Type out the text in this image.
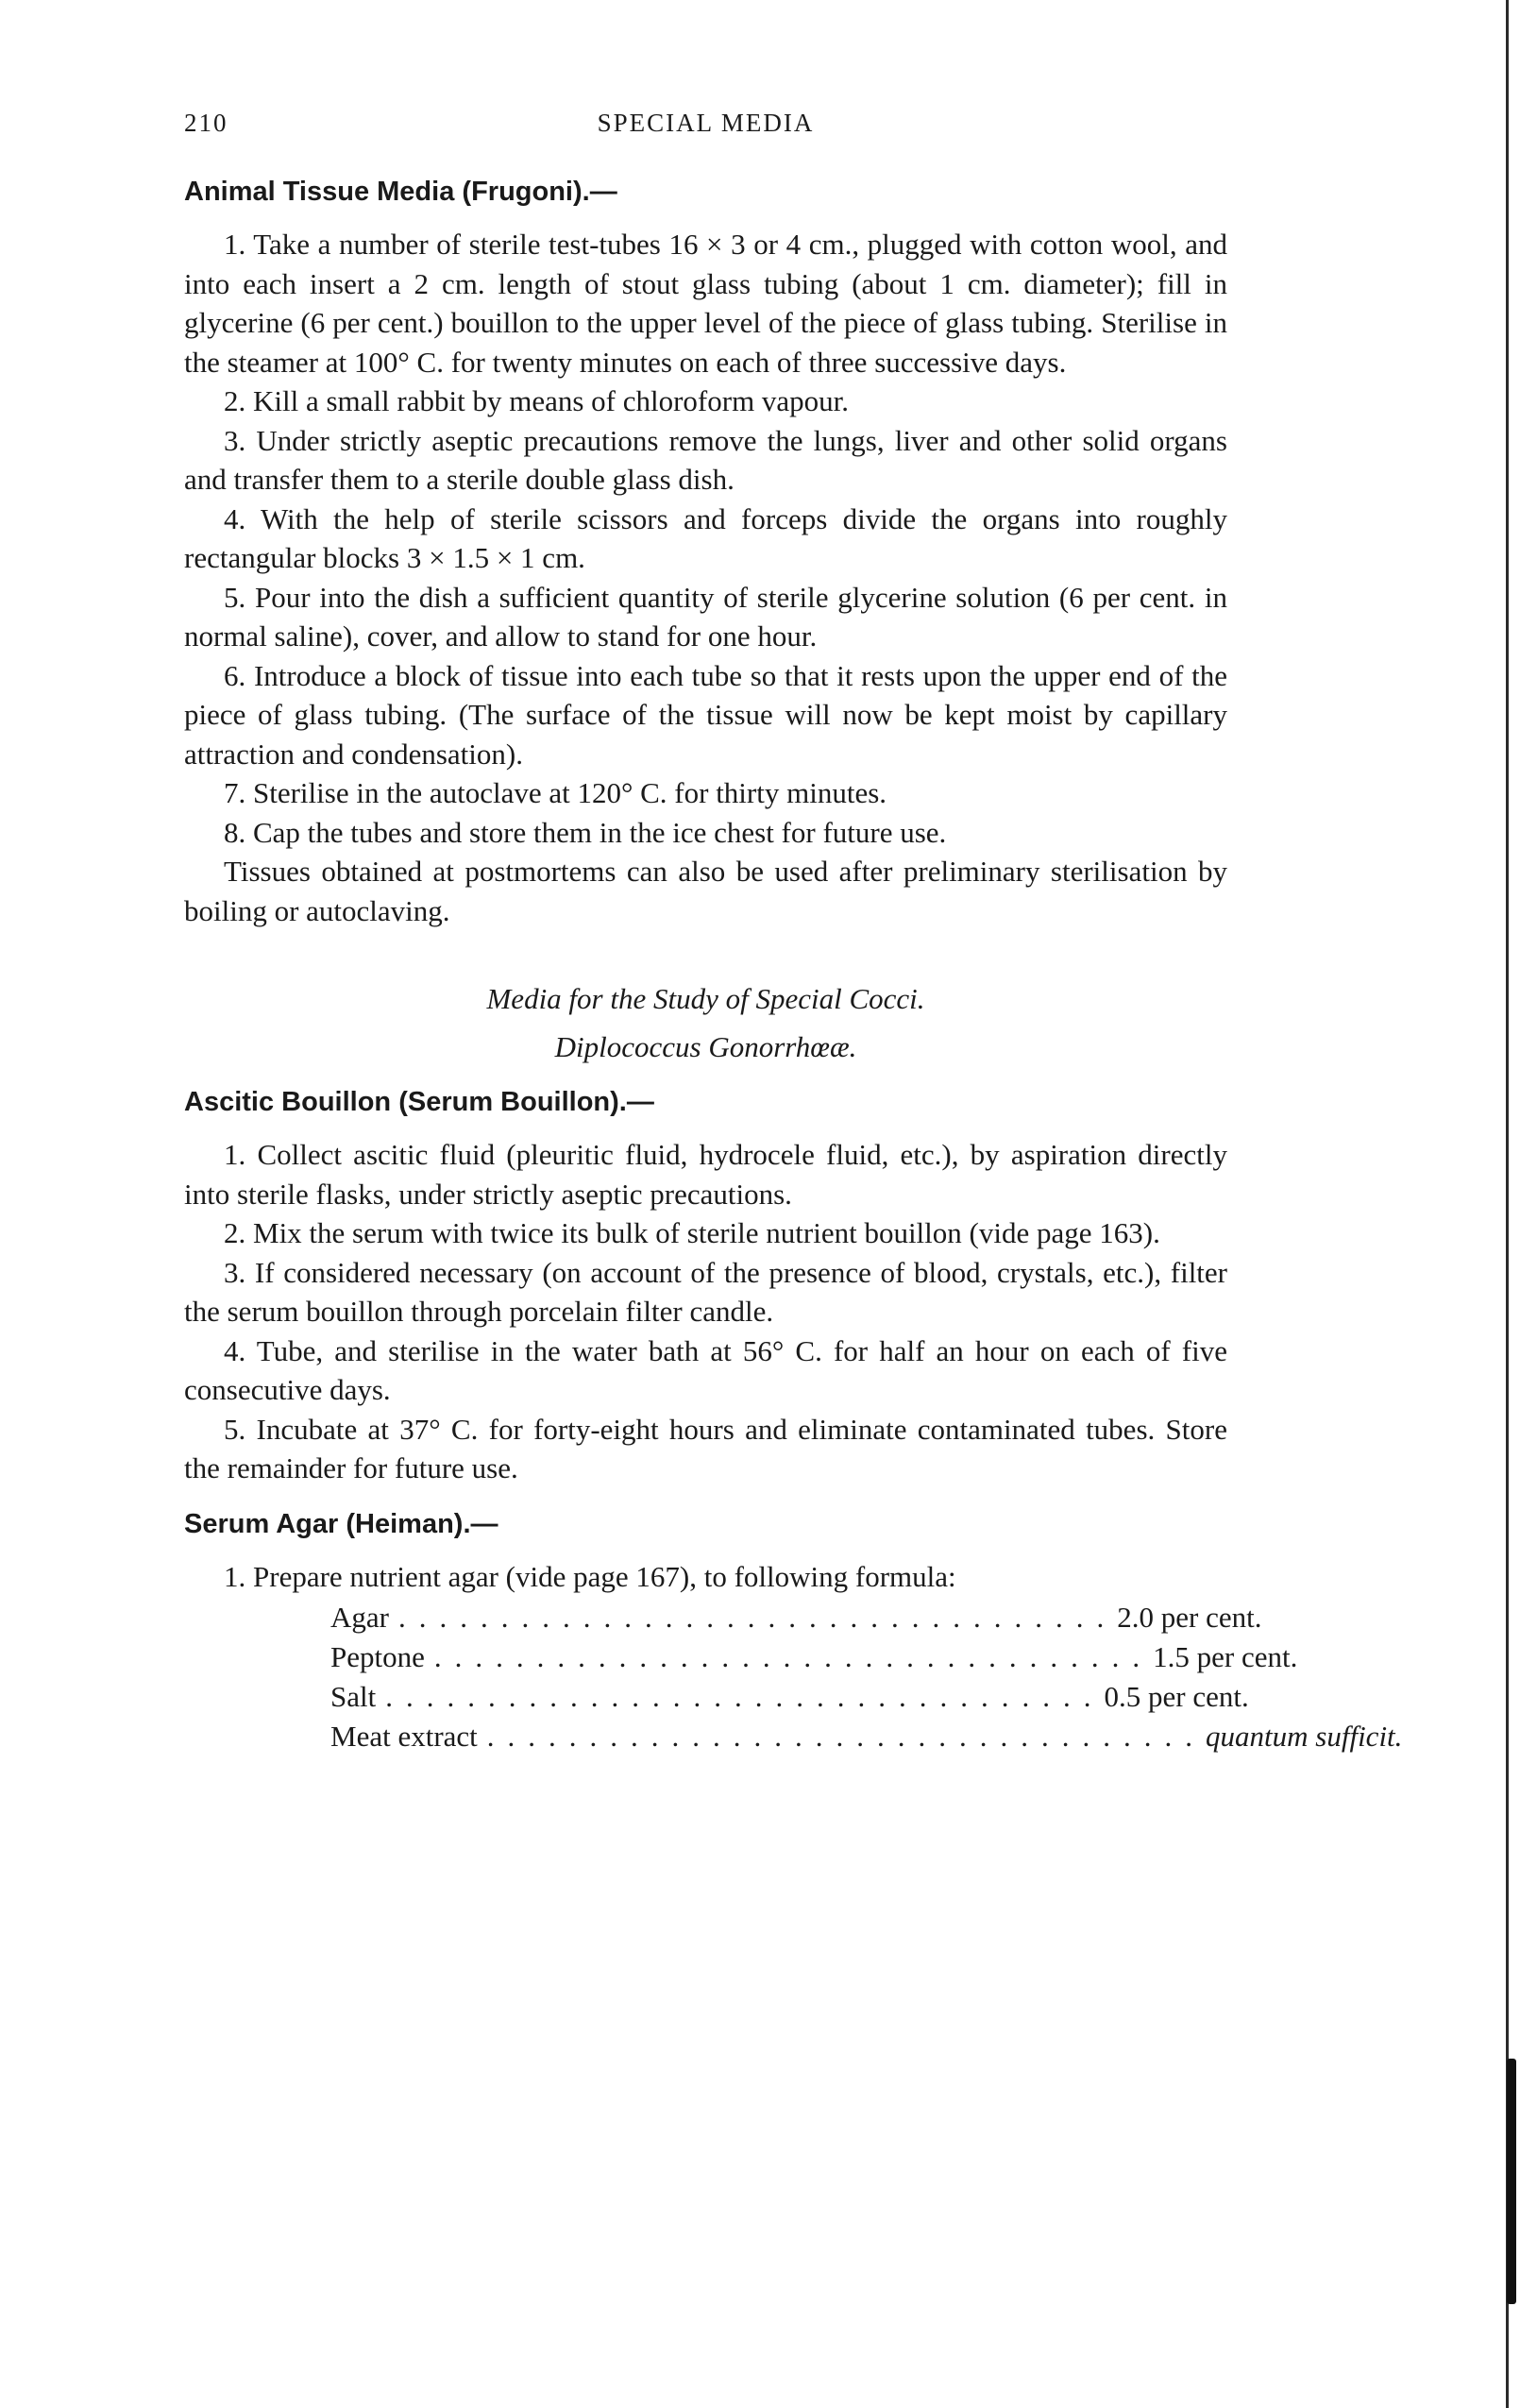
210	SPECIAL MEDIA
Animal Tissue Media (Frugoni).—

1. Take a number of sterile test-tubes 16 × 3 or 4 cm., plugged with cotton wool, and into each insert a 2 cm. length of stout glass tubing (about 1 cm. diameter); fill in glycerine (6 per cent.) bouillon to the upper level of the piece of glass tubing. Sterilise in the steamer at 100° C. for twenty minutes on each of three successive days.

2. Kill a small rabbit by means of chloroform vapour.

3. Under strictly aseptic precautions remove the lungs, liver and other solid organs and transfer them to a sterile double glass dish.

4. With the help of sterile scissors and forceps divide the organs into roughly rectangular blocks 3 × 1.5 × 1 cm.

5. Pour into the dish a sufficient quantity of sterile glycerine solution (6 per cent. in normal saline), cover, and allow to stand for one hour.

6. Introduce a block of tissue into each tube so that it rests upon the upper end of the piece of glass tubing. (The surface of the tissue will now be kept moist by capillary attraction and condensation).

7. Sterilise in the autoclave at 120° C. for thirty minutes.

8. Cap the tubes and store them in the ice chest for future use.

Tissues obtained at postmortems can also be used after preliminary sterilisation by boiling or autoclaving.

Media for the Study of Special Cocci.
Diplococcus Gonorrhœæ.
Ascitic Bouillon (Serum Bouillon).—

1. Collect ascitic fluid (pleuritic fluid, hydrocele fluid, etc.), by aspiration directly into sterile flasks, under strictly aseptic precautions.

2. Mix the serum with twice its bulk of sterile nutrient bouillon (vide page 163).

3. If considered necessary (on account of the presence of blood, crystals, etc.), filter the serum bouillon through porcelain filter candle.

4. Tube, and sterilise in the water bath at 56° C. for half an hour on each of five consecutive days.

5. Incubate at 37° C. for forty-eight hours and eliminate contaminated tubes. Store the remainder for future use.

Serum Agar (Heiman).—

1. Prepare nutrient agar (vide page 167), to following formula:

Agar ................................... 2.0 per cent.
Peptone ................................... 1.5 per cent.
Salt ................................... 0.5 per cent.
Meat extract ................................... quantum sufficit.
